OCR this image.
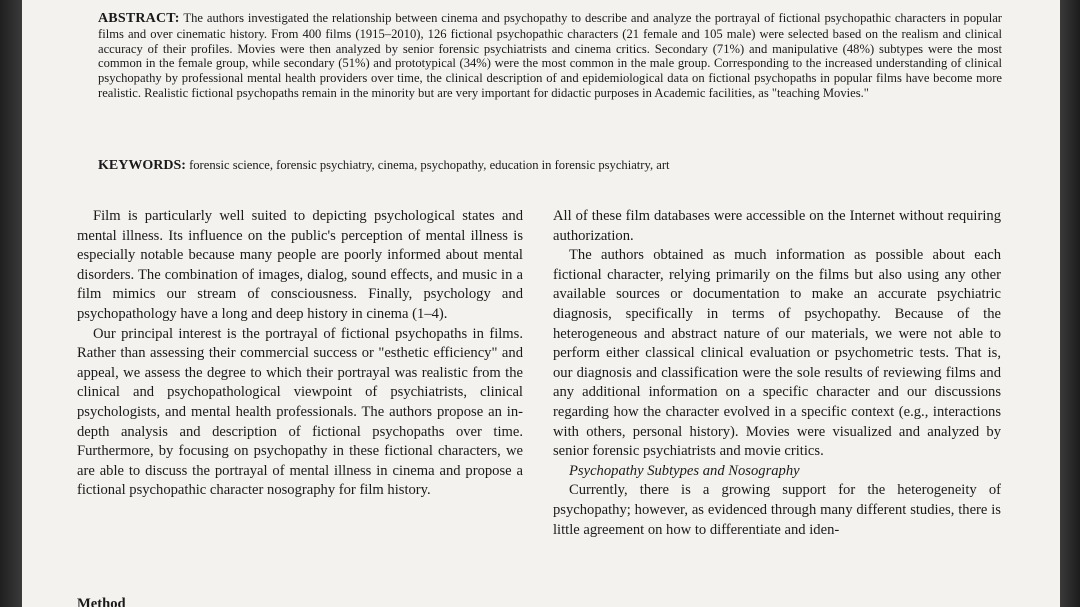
ABSTRACT: The authors investigated the relationship between cinema and psychopathy to describe and analyze the portrayal of fictional psychopathic characters in popular films and over cinematic history. From 400 films (1915–2010), 126 fictional psychopathic characters (21 female and 105 male) were selected based on the realism and clinical accuracy of their profiles. Movies were then analyzed by senior forensic psychiatrists and cinema critics. Secondary (71%) and manipulative (48%) subtypes were the most common in the female group, while secondary (51%) and prototypical (34%) were the most common in the male group. Corresponding to the increased understanding of clinical psychopathy by professional mental health providers over time, the clinical description of and epidemiological data on fictional psychopaths in popular films have become more realistic. Realistic fictional psychopaths remain in the minority but are very important for didactic purposes in Academic facilities, as "teaching Movies."
KEYWORDS: forensic science, forensic psychiatry, cinema, psychopathy, education in forensic psychiatry, art

Film is particularly well suited to depicting psychological states and mental illness. Its influence on the public's perception of mental illness is especially notable because many people are poorly informed about mental disorders. The combination of images, dialog, sound effects, and music in a film mimics our stream of consciousness. Finally, psychology and psychopathology have a long and deep history in cinema (1–4).

Our principal interest is the portrayal of fictional psychopaths in films. Rather than assessing their commercial success or "esthetic efficiency" and appeal, we assess the degree to which their portrayal was realistic from the clinical and psychopathological viewpoint of psychiatrists, clinical psychologists, and mental health professionals. The authors propose an in-depth analysis and description of fictional psychopaths over time. Furthermore, by focusing on psychopathy in these fictional characters, we are able to discuss the portrayal of mental illness in cinema and propose a fictional psychopathic character nosography for film history.

Method

All of these film databases were accessible on the Internet without requiring authorization.

The authors obtained as much information as possible about each fictional character, relying primarily on the films but also using any other available sources or documentation to make an accurate psychiatric diagnosis, specifically in terms of psychopathy. Because of the heterogeneous and abstract nature of our materials, we were not able to perform either classical clinical evaluation or psychometric tests. That is, our diagnosis and classification were the sole results of reviewing films and any additional information on a specific character and our discussions regarding how the character evolved in a specific context (e.g., interactions with others, personal history). Movies were visualized and analyzed by senior forensic psychiatrists and movie critics.

Psychopathy Subtypes and Nosography

Currently, there is a growing support for the heterogeneity of psychopathy; however, as evidenced through many different studies, there is little agreement on how to differentiate and iden-
